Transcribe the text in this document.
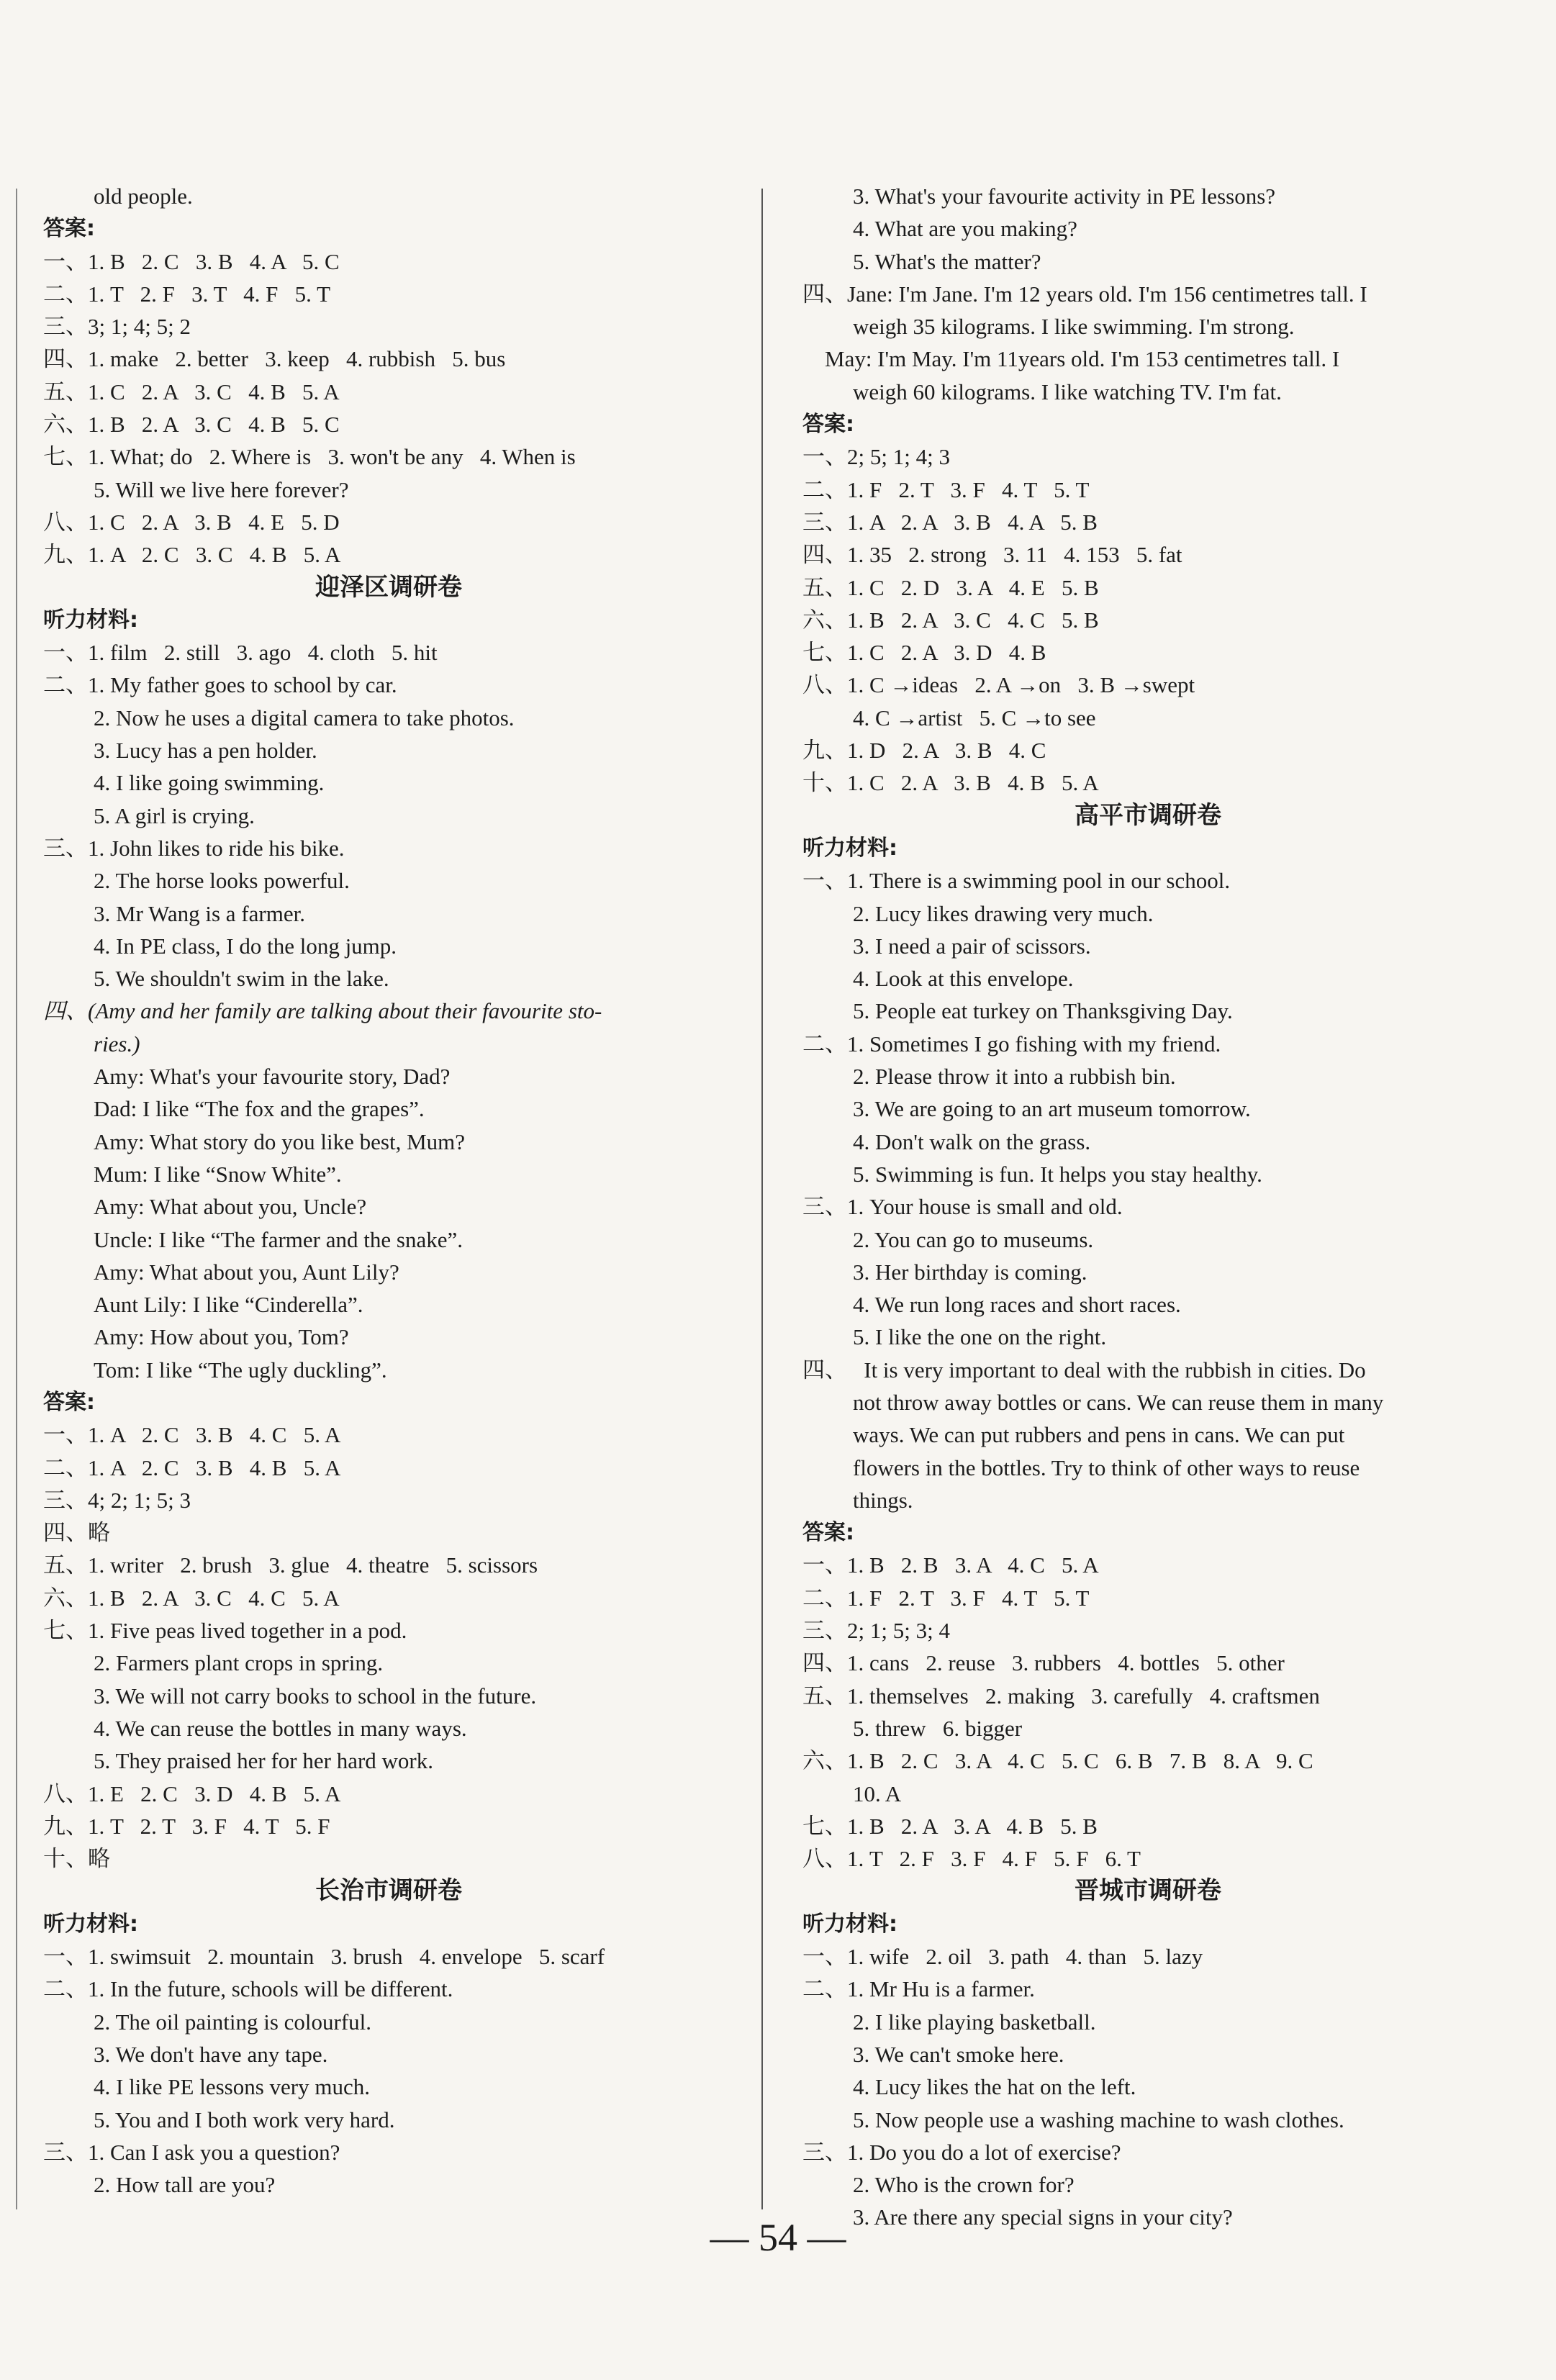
old people.
答案:
一、1. B   2. C   3. B   4. A   5. C
二、1. T   2. F   3. T   4. F   5. T
三、3; 1; 4; 5; 2
四、1. make   2. better   3. keep   4. rubbish   5. bus
五、1. C   2. A   3. C   4. B   5. A
六、1. B   2. A   3. C   4. B   5. C
七、1. What; do   2. Where is   3. won't be any   4. When is
5. Will we live here forever?
八、1. C   2. A   3. B   4. E   5. D
九、1. A   2. C   3. C   4. B   5. A
迎泽区调研卷
听力材料:
一、1. film   2. still   3. ago   4. cloth   5. hit
二、1. My father goes to school by car.
2. Now he uses a digital camera to take photos.
3. Lucy has a pen holder.
4. I like going swimming.
5. A girl is crying.
三、1. John likes to ride his bike.
2. The horse looks powerful.
3. Mr Wang is a farmer.
4. In PE class, I do the long jump.
5. We shouldn't swim in the lake.
四、(Amy and her family are talking about their favourite sto-
ries.)
Amy: What's your favourite story, Dad?
Dad: I like “The fox and the grapes”.
Amy: What story do you like best, Mum?
Mum: I like “Snow White”.
Amy: What about you, Uncle?
Uncle: I like “The farmer and the snake”.
Amy: What about you, Aunt Lily?
Aunt Lily: I like “Cinderella”.
Amy: How about you, Tom?
Tom: I like “The ugly duckling”.
答案:
一、1. A   2. C   3. B   4. C   5. A
二、1. A   2. C   3. B   4. B   5. A
三、4; 2; 1; 5; 3
四、略
五、1. writer   2. brush   3. glue   4. theatre   5. scissors
六、1. B   2. A   3. C   4. C   5. A
七、1. Five peas lived together in a pod.
2. Farmers plant crops in spring.
3. We will not carry books to school in the future.
4. We can reuse the bottles in many ways.
5. They praised her for her hard work.
八、1. E   2. C   3. D   4. B   5. A
九、1. T   2. T   3. F   4. T   5. F
十、略
长治市调研卷
听力材料:
一、1. swimsuit   2. mountain   3. brush   4. envelope   5. scarf
二、1. In the future, schools will be different.
2. The oil painting is colourful.
3. We don't have any tape.
4. I like PE lessons very much.
5. You and I both work very hard.
三、1. Can I ask you a question?
2. How tall are you?
3. What's your favourite activity in PE lessons?
4. What are you making?
5. What's the matter?
四、Jane: I'm Jane. I'm 12 years old. I'm 156 centimetres tall. I
weigh 35 kilograms. I like swimming. I'm strong.
May: I'm May. I'm 11years old. I'm 153 centimetres tall. I
weigh 60 kilograms. I like watching TV. I'm fat.
答案:
一、2; 5; 1; 4; 3
二、1. F   2. T   3. F   4. T   5. T
三、1. A   2. A   3. B   4. A   5. B
四、1. 35   2. strong   3. 11   4. 153   5. fat
五、1. C   2. D   3. A   4. E   5. B
六、1. B   2. A   3. C   4. C   5. B
七、1. C   2. A   3. D   4. B
八、1. C →ideas   2. A →on   3. B →swept
4. C →artist   5. C →to see
九、1. D   2. A   3. B   4. C
十、1. C   2. A   3. B   4. B   5. A
高平市调研卷
听力材料:
一、1. There is a swimming pool in our school.
2. Lucy likes drawing very much.
3. I need a pair of scissors.
4. Look at this envelope.
5. People eat turkey on Thanksgiving Day.
二、1. Sometimes I go fishing with my friend.
2. Please throw it into a rubbish bin.
3. We are going to an art museum tomorrow.
4. Don't walk on the grass.
5. Swimming is fun. It helps you stay healthy.
三、1. Your house is small and old.
2. You can go to museums.
3. Her birthday is coming.
4. We run long races and short races.
5. I like the one on the right.
四、   It is very important to deal with the rubbish in cities. Do
not throw away bottles or cans. We can reuse them in many
ways. We can put rubbers and pens in cans. We can put
flowers in the bottles. Try to think of other ways to reuse
things.
答案:
一、1. B   2. B   3. A   4. C   5. A
二、1. F   2. T   3. F   4. T   5. T
三、2; 1; 5; 3; 4
四、1. cans   2. reuse   3. rubbers   4. bottles   5. other
五、1. themselves   2. making   3. carefully   4. craftsmen
5. threw   6. bigger
六、1. B   2. C   3. A   4. C   5. C   6. B   7. B   8. A   9. C
10. A
七、1. B   2. A   3. A   4. B   5. B
八、1. T   2. F   3. F   4. F   5. F   6. T
晋城市调研卷
听力材料:
一、1. wife   2. oil   3. path   4. than   5. lazy
二、1. Mr Hu is a farmer.
2. I like playing basketball.
3. We can't smoke here.
4. Lucy likes the hat on the left.
5. Now people use a washing machine to wash clothes.
三、1. Do you do a lot of exercise?
2. Who is the crown for?
3. Are there any special signs in your city?
— 54 —
